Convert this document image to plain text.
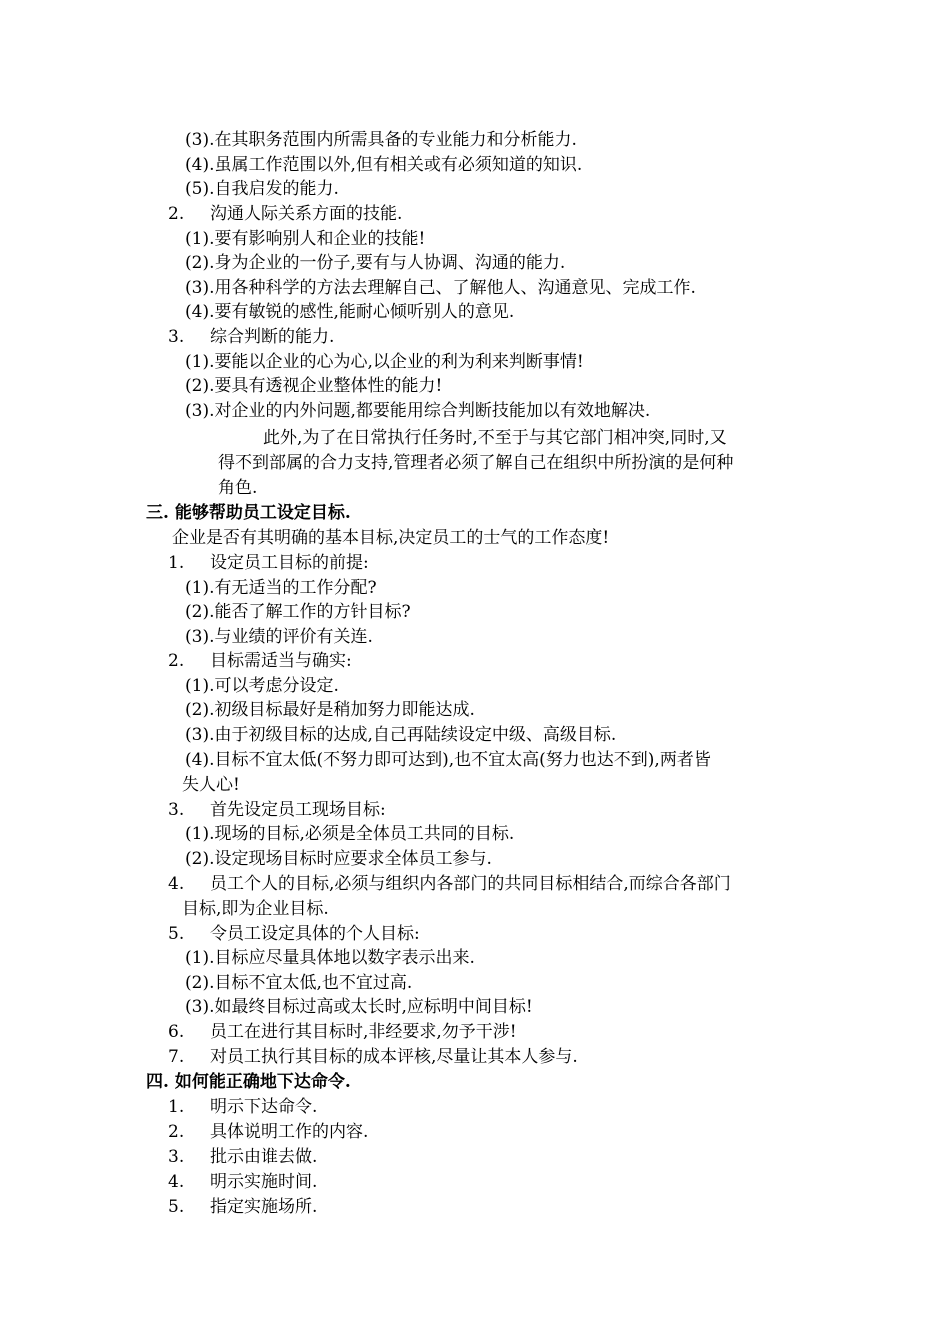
(3).在其职务范围内所需具备的专业能力和分析能力.
(4).虽属工作范围以外,但有相关或有必须知道的知识.
(5).自我启发的能力.
2. 沟通人际关系方面的技能.
(1).要有影响别人和企业的技能!
(2).身为企业的一份子,要有与人协调、沟通的能力.
(3).用各种科学的方法去理解自己、了解他人、沟通意见、完成工作.
(4).要有敏锐的感性,能耐心倾听别人的意见.
3. 综合判断的能力.
(1).要能以企业的心为心,以企业的利为利来判断事情!
(2).要具有透视企业整体性的能力!
(3).对企业的内外问题,都要能用综合判断技能加以有效地解决.
此外,为了在日常执行任务时,不至于与其它部门相冲突,同时,又
得不到部属的合力支持,管理者必须了解自己在组织中所扮演的是何种
角色.
三. 能够帮助员工设定目标.
企业是否有其明确的基本目标,决定员工的士气的工作态度!
1. 设定员工目标的前提:
(1).有无适当的工作分配?
(2).能否了解工作的方针目标?
(3).与业绩的评价有关连.
2. 目标需适当与确实:
(1).可以考虑分设定.
(2).初级目标最好是稍加努力即能达成.
(3).由于初级目标的达成,自己再陆续设定中级、高级目标.
(4).目标不宜太低(不努力即可达到),也不宜太高(努力也达不到),两者皆
失人心!
3. 首先设定员工现场目标:
(1).现场的目标,必须是全体员工共同的目标.
(2).设定现场目标时应要求全体员工参与.
4. 员工个人的目标,必须与组织内各部门的共同目标相结合,而综合各部门
目标,即为企业目标.
5. 令员工设定具体的个人目标:
(1).目标应尽量具体地以数字表示出来.
(2).目标不宜太低,也不宜过高.
(3).如最终目标过高或太长时,应标明中间目标!
6. 员工在进行其目标时,非经要求,勿予干涉!
7. 对员工执行其目标的成本评核,尽量让其本人参与.
四. 如何能正确地下达命令.
1. 明示下达命令.
2. 具体说明工作的内容.
3. 批示由谁去做.
4. 明示实施时间.
5. 指定实施场所.
